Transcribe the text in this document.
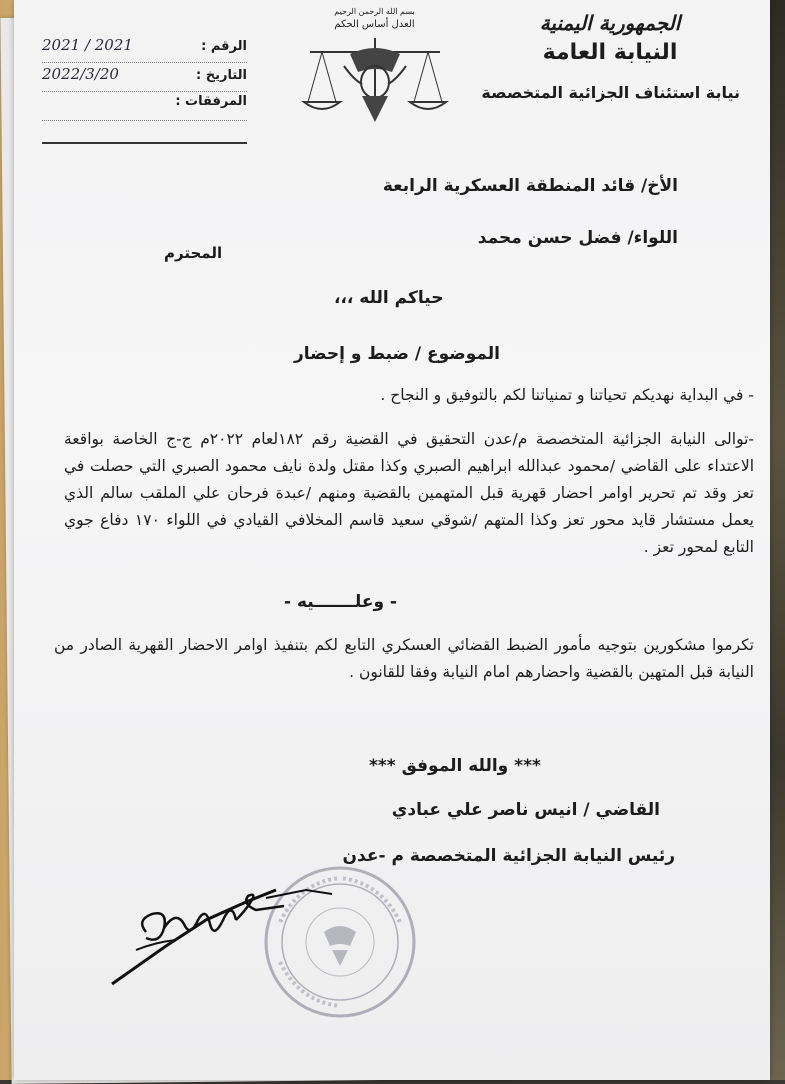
الجمهورية اليمنية
النيابة العامة
نيابة استئناف الجزائية المتخصصة
بسم الله الرحمن الرحيم
العدل أساس الحكم
الرقم :
2021 / 2021
التاريخ :
2022/3/20
المرفقات :
الأخ/ قائد المنطقة العسكرية الرابعة
اللواء/ فضل حسن محمد
المحترم
حياكم الله ،،،
الموضوع / ضبط و إحضار
- في البداية نهديكم تحياتنا و تمنياتنا لكم بالتوفيق و النجاح .
-توالى النيابة الجزائية المتخصصة م/عدن التحقيق في القضية رقم ١٨٢لعام ٢٠٢٢م ج-ج الخاصة بواقعة الاعتداء على القاضي /محمود عبدالله ابراهيم الصبري وكذا مقتل ولدة نايف محمود الصبري التي حصلت في تعز وقد تم تحرير اوامر احضار قهرية قبل المتهمين بالقضية ومنهم /عبدة فرحان علي الملقب سالم الذي يعمل مستشار قايد محور تعز وكذا المتهم /شوقي سعيد قاسم المخلافي القيادي في اللواء ١٧٠ دفاع جوي التابع لمحور تعز .
- وعلـــــــيه -
تكرموا مشكورين بتوجيه مأمور الضبط القضائي العسكري التابع لكم بتنفيذ اوامر الاحضار القهرية الصادر من النيابة قبل المتهين بالقضية واحضارهم امام النيابة وفقا للقانون .
*** والله الموفق ***
القاضي / انيس ناصر علي عبادي
رئيس النيابة الجزائية المتخصصة م -عدن
